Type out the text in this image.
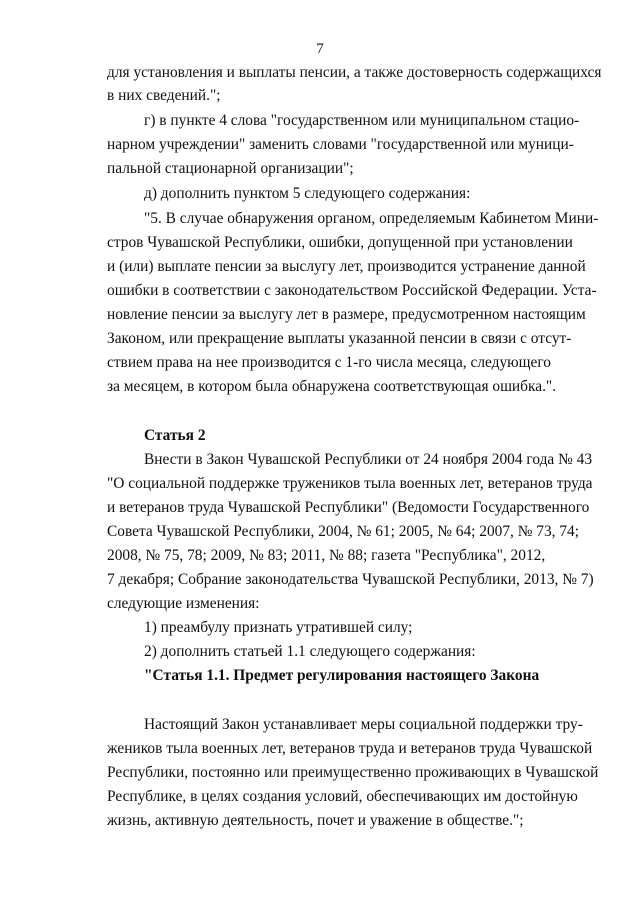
7
для установления и выплаты пенсии, а также достоверность содержащихся
в них сведений.";
г) в пункте 4 слова "государственном или муниципальном стацио-
нарном учреждении" заменить словами "государственной или муници-
пальной стационарной организации";
д) дополнить пунктом 5 следующего содержания:
"5. В случае обнаружения органом, определяемым Кабинетом Мини-
стров Чувашской Республики, ошибки, допущенной при установлении
и (или) выплате пенсии за выслугу лет, производится устранение данной
ошибки в соответствии с законодательством Российской Федерации. Уста-
новление пенсии за выслугу лет в размере, предусмотренном настоящим
Законом, или прекращение выплаты указанной пенсии в связи с отсут-
ствием права на нее производится с 1-го числа месяца, следующего
за месяцем, в котором была обнаружена соответствующая ошибка.".
Статья 2
Внести в Закон Чувашской Республики от 24 ноября 2004 года № 43
"О социальной поддержке тружеников тыла военных лет, ветеранов труда
и ветеранов труда Чувашской Республики" (Ведомости Государственного
Совета Чувашской Республики, 2004, № 61; 2005, № 64; 2007, № 73, 74;
2008, № 75, 78; 2009, № 83; 2011, № 88; газета "Республика", 2012,
7 декабря; Собрание законодательства Чувашской Республики, 2013, № 7)
следующие изменения:
1) преамбулу признать утратившей силу;
2) дополнить статьей 1.1 следующего содержания:
"Статья 1.1. Предмет регулирования настоящего Закона
Настоящий Закон устанавливает меры социальной поддержки тру-
жеников тыла военных лет, ветеранов труда и ветеранов труда Чувашской
Республики, постоянно или преимущественно проживающих в Чувашской
Республике, в целях создания условий, обеспечивающих им достойную
жизнь, активную деятельность, почет и уважение в обществе.";
